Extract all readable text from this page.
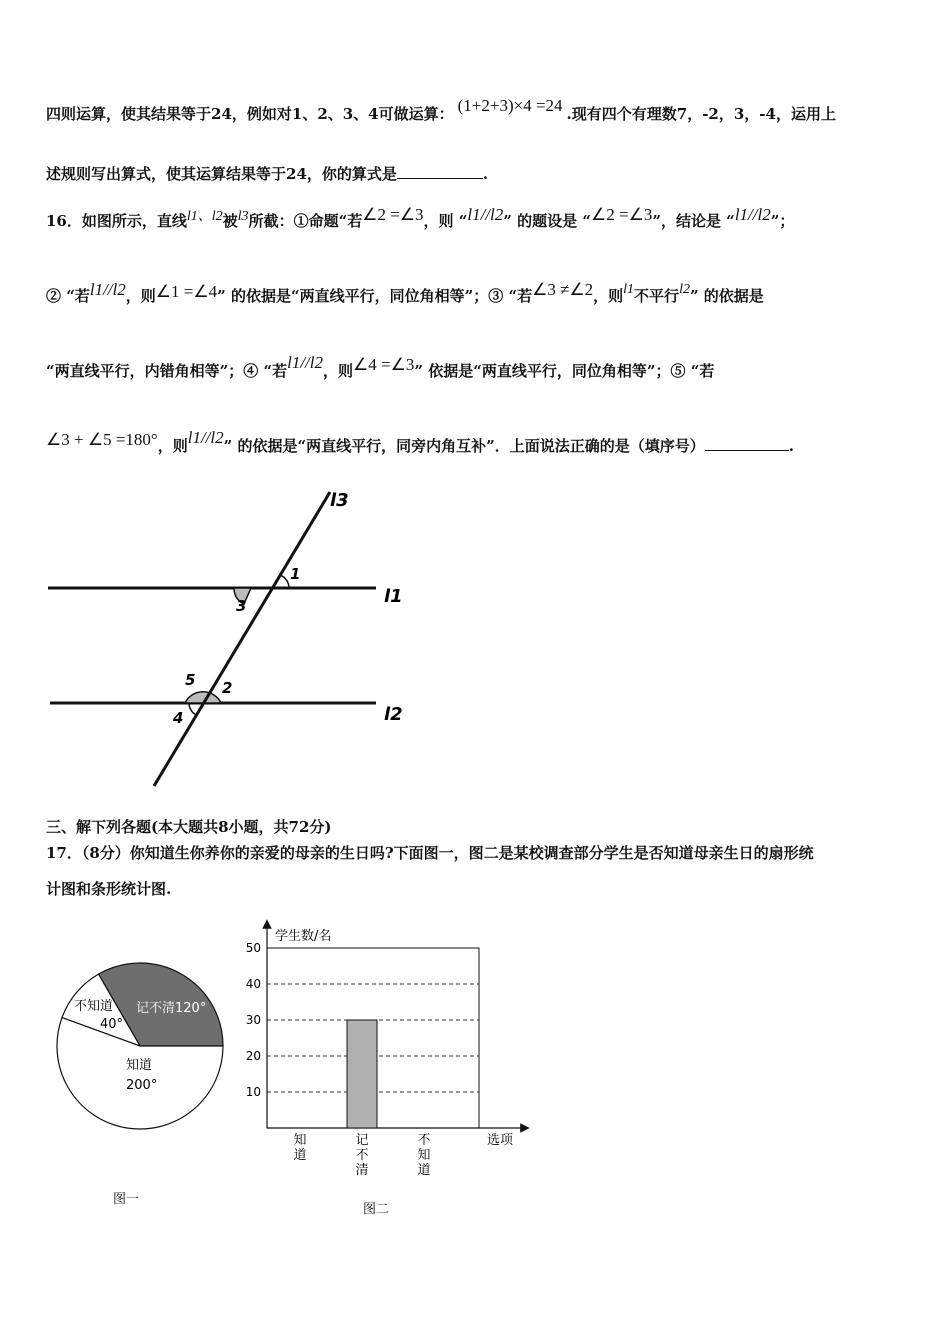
四则运算，使其结果等于24，例如对1、2、3、4可做运算： (1+2+3)×4 =24 .现有四个有理数7，-2，3，-4，运用上
述规则写出算式，使其运算结果等于24，你的算式是	.
16．如图所示，直线l1、l2被l3所截：①命题“若∠2 =∠3，则 “l1//l2” 的题设是 “∠2 =∠3”，结论是 “l1//l2”；
② “若l1//l2，则∠1 =∠4” 的依据是“两直线平行，同位角相等”；③ “若∠3 ≠∠2，则l1不平行l2” 的依据是
“两直线平行，内错角相等”；④ “若l1//l2，则∠4 =∠3” 依据是“两直线平行，同位角相等”；⑤ “若
∠3 + ∠5 =180°，则l1//l2” 的依据是“两直线平行，同旁内角互补”．上面说法正确的是（填序号）	.
l3
l1
l2
1
3
5 2
4
三、解下列各题(本大题共8小题，共72分)
17．（8分）你知道生你养你的亲爱的母亲的生日吗?下面图一，图二是某校调查部分学生是否知道母亲生日的扇形统
计图和条形统计图.
记不清120°
不知道
40°
知道
200°
图一
学生数/名
选项
10
20
30
40
50
知道
记不清
不知道
图二
